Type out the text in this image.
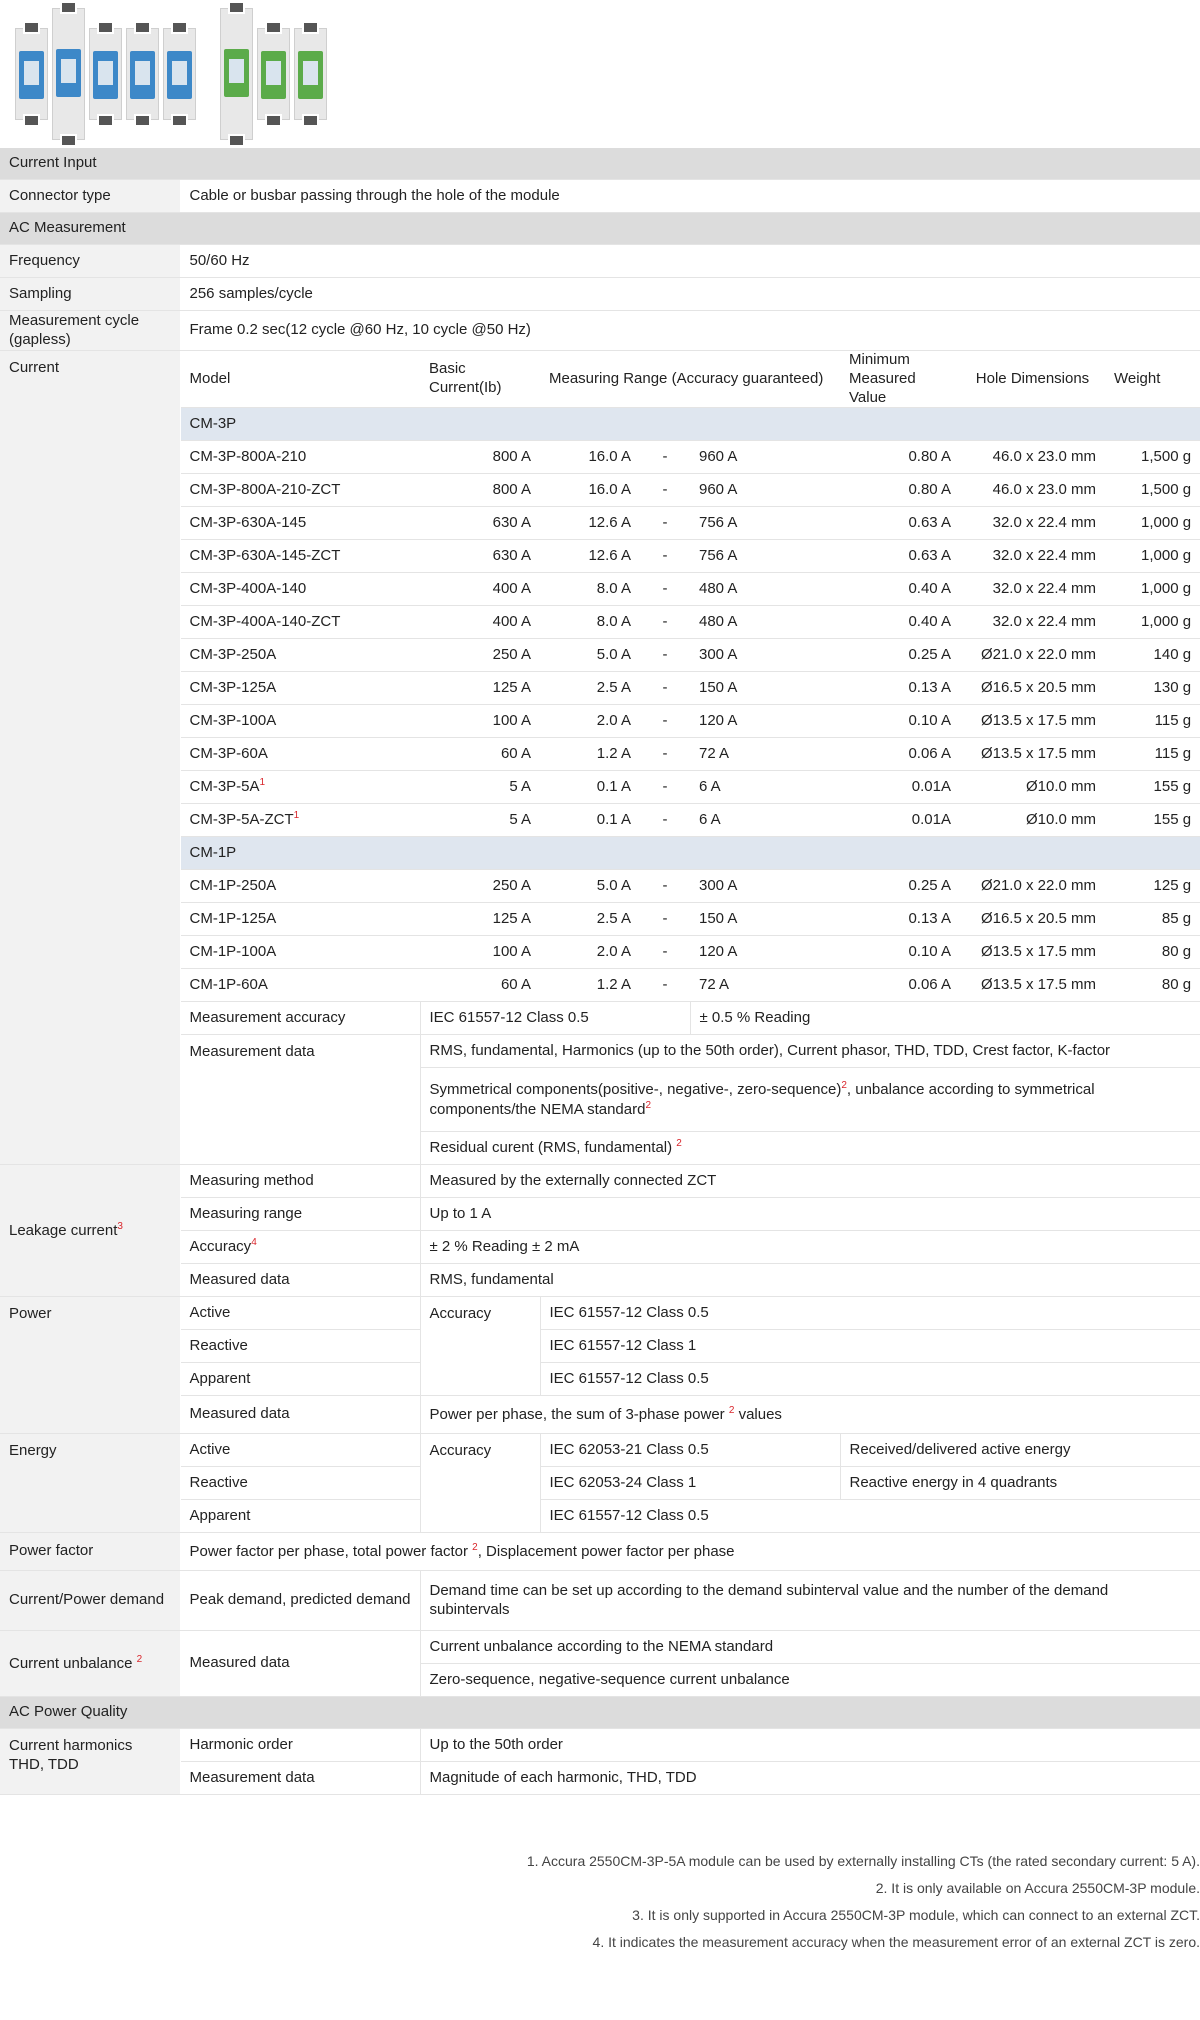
Current Input								
Connector type	Cable or busbar passing through the hole of the module							
AC Measurement								
Frequency	50/60 Hz							
Sampling	256 samples/cycle							
Measurement cycle (gapless)	Frame 0.2 sec(12 cycle @60 Hz, 10 cycle @50 Hz)							
Current	Model	Basic Current(Ib)	Measuring Range (Accuracy guaranteed)			Minimum Measured Value	Hole Dimensions	Weight
	CM-3P							
	CM-3P-800A-210	800 A	16.0 A	-	960 A	0.80 A	46.0 x 23.0 mm	1,500 g
	CM-3P-800A-210-ZCT	800 A	16.0 A	-	960 A	0.80 A	46.0 x 23.0 mm	1,500 g
	CM-3P-630A-145	630 A	12.6 A	-	756 A	0.63 A	32.0 x 22.4 mm	1,000 g
	CM-3P-630A-145-ZCT	630 A	12.6 A	-	756 A	0.63 A	32.0 x 22.4 mm	1,000 g
	CM-3P-400A-140	400 A	8.0 A	-	480 A	0.40 A	32.0 x 22.4 mm	1,000 g
	CM-3P-400A-140-ZCT	400 A	8.0 A	-	480 A	0.40 A	32.0 x 22.4 mm	1,000 g
	CM-3P-250A	250 A	5.0 A	-	300 A	0.25 A	Ø21.0 x 22.0 mm	140 g
	CM-3P-125A	125 A	2.5 A	-	150 A	0.13 A	Ø16.5 x 20.5 mm	130 g
	CM-3P-100A	100 A	2.0 A	-	120 A	0.10 A	Ø13.5 x 17.5 mm	115 g
	CM-3P-60A	60 A	1.2 A	-	72 A	0.06 A	Ø13.5 x 17.5 mm	115 g
	$CM-3P-5A^1$	5 A	0.1 A	-	6 A	0.01A	Ø10.0 mm	155 g
	CM-3P-5A-ZCT$^1$	5 A	0.1 A	-	6 A	0.01A	Ø10.0 mm	155 g
	CM-1P							
	CM-1P-250A	250 A	5.0 A	-	300 A	0.25 A	Ø21.0 x 22.0 mm	125 g
	CM-1P-125A	125 A	2.5 A	-	150 A	0.13 A	Ø16.5 x 20.5 mm	85 g
	CM-1P-100A	100 A	2.0 A	-	120 A	0.10 A	Ø13.5 x 17.5 mm	80 g
	CM-1P-60A	60 A	1.2 A	-	72 A	0.06 A	Ø13.5 x 17.5 mm	80 g
	Measurement accuracy	IEC 61557-12 Class 0.5			± 0.5 % Reading			
	Measurement data	RMS, fundamental, Harmonics (up to the 50th order), Current phasor, THD, TDD, Crest factor, K-factor						
		Symmetrical components(positive-, negative-, zero-sequence)$^2$, unbalance according to symmetrical
components/the NEMA standard$^2$
		Residual curent (RMS, fundamental) $^2$
Leakage current$^3$	Measuring method	Measured by the externally connected ZCT						
	Measuring range	Up to 1 A						
	Accuracy$^4$	± 2 % Reading ± 2 mA						
	Measured data	RMS, fundamental						
Power	Active	Accuracy	IEC 61557-12 Class 0.5					
	Reactive		IEC 61557-12 Class 1					
	Apparent		IEC 61557-12 Class 0.5					
	Measured data	Power per phase, the sum of 3-phase power $^2$ values						
Energy	Active	Accuracy	IEC 62053-21 Class 0.5			Received/delivered active energy		
	Reactive		IEC 62053-24 Class 1			Reactive energy in 4 quadrants		
	Apparent		IEC 61557-12 Class 0.5					
Power factor	Power factor per phase, total power factor $^2$, Displacement power factor per phase							
Current/Power demand	Peak demand, predicted demand	Demand time can be set up according to the demand subinterval value and the number of the demand subintervals						
Current unbalance $^2$	Measured data	Current unbalance according to the NEMA standard						
		Zero-sequence, negative-sequence current unbalance						
AC Power Quality								
Current harmonics THD, TDD	Harmonic order	Up to the 50th order						
	Measurement data	Magnitude of each harmonic, THD, TDD						
1. Accura 2550CM-3P-5A module can be used by externally installing CTs (the rated secondary current: 5 A).
2. It is only available on Accura 2550CM-3P module.
3. It is only supported in Accura 2550CM-3P module, which can connect to an external ZCT.
4. It indicates the measurement accuracy when the measurement error of an external ZCT is zero.
